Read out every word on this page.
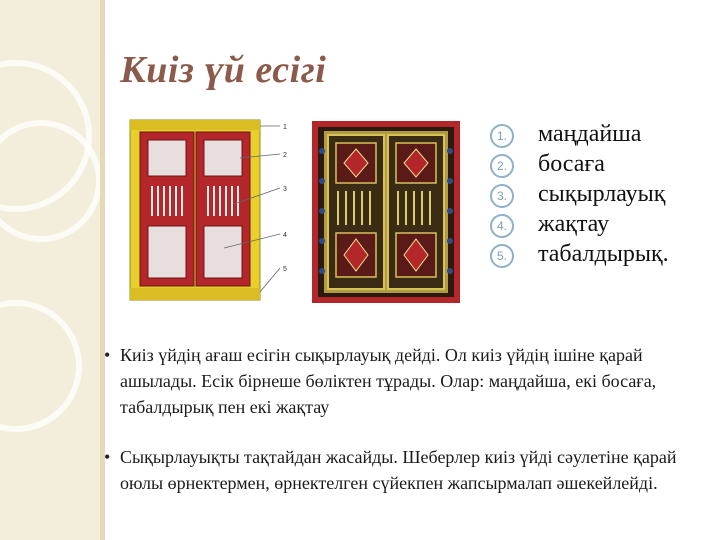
Киіз үй есігі
1
2
3
4
5
1. маңдайша
2. босаға
3. сықырлауық
4. жақтау
5. табалдырық.
• Киіз үйдің ағаш есігін сықырлауық дейді. Ол киіз үйдің ішіне қарай ашылады. Есік бірнеше бөліктен тұрады. Олар: маңдайша, екі босаға, табалдырық пен екі жақтау
• Сықырлауықты тақтайдан жасайды. Шеберлер киіз үйді сәулетіне қарай оюлы өрнектермен, өрнектелген сүйекпен жапсырмалап әшекейлейді.
